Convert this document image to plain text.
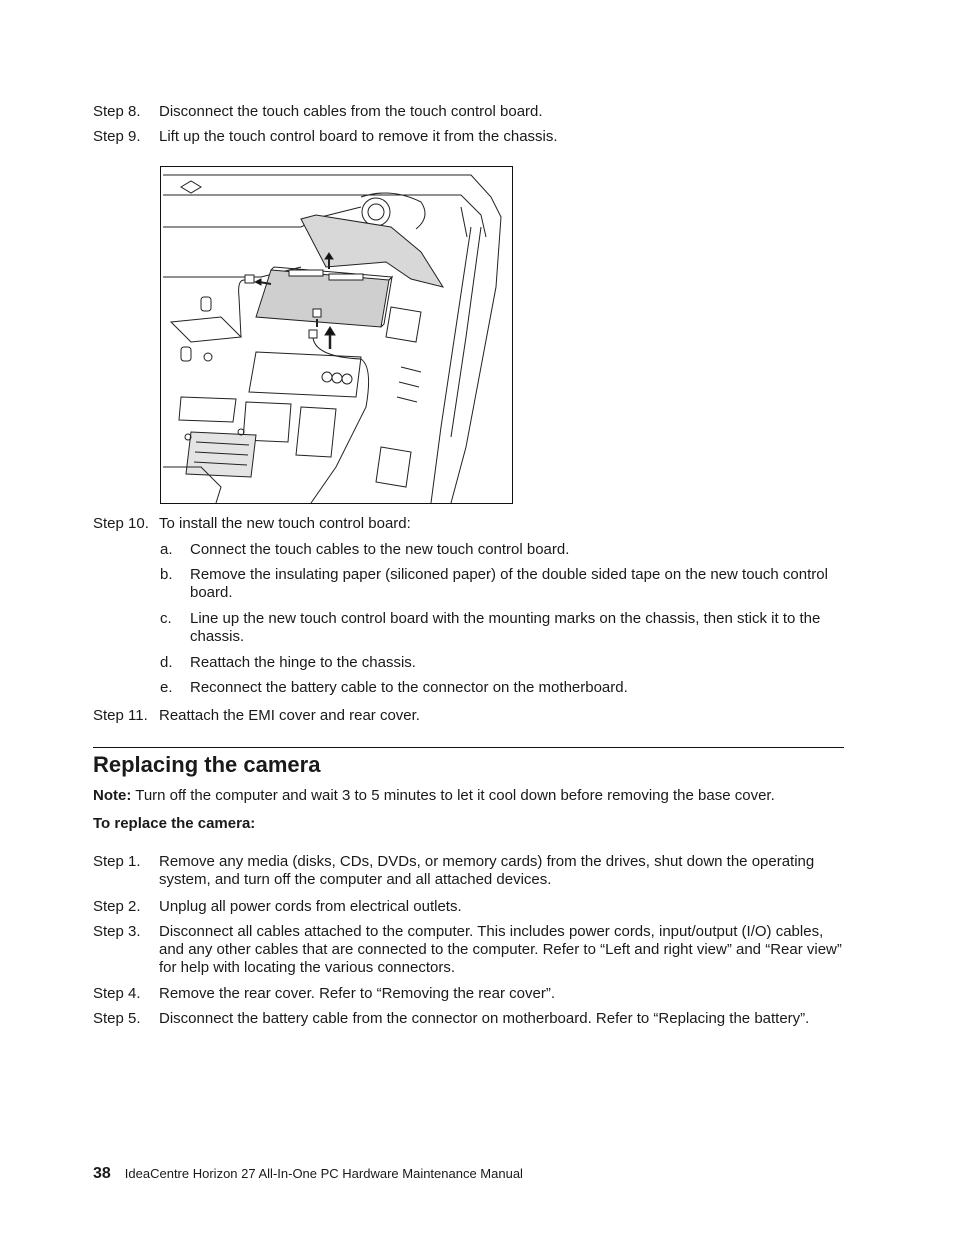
Step 8. Disconnect the touch cables from the touch control board.
Step 9. Lift up the touch control board to remove it from the chassis.
Step 10. To install the new touch control board:
a. Connect the touch cables to the new touch control board.
b. Remove the insulating paper (siliconed paper) of the double sided tape on the new touch control board.
c. Line up the new touch control board with the mounting marks on the chassis, then stick it to the chassis.
d. Reattach the hinge to the chassis.
e. Reconnect the battery cable to the connector on the motherboard.
Step 11. Reattach the EMI cover and rear cover.
Replacing the camera
Note: Turn off the computer and wait 3 to 5 minutes to let it cool down before removing the base cover.
To replace the camera:
Step 1. Remove any media (disks, CDs, DVDs, or memory cards) from the drives, shut down the operating system, and turn off the computer and all attached devices.
Step 2. Unplug all power cords from electrical outlets.
Step 3. Disconnect all cables attached to the computer. This includes power cords, input/output (I/O) cables, and any other cables that are connected to the computer. Refer to “Left and right view” and “Rear view” for help with locating the various connectors.
Step 4. Remove the rear cover. Refer to “Removing the rear cover”.
Step 5. Disconnect the battery cable from the connector on motherboard. Refer to “Replacing the battery”.
38 IdeaCentre Horizon 27 All-In-One PC Hardware Maintenance Manual
